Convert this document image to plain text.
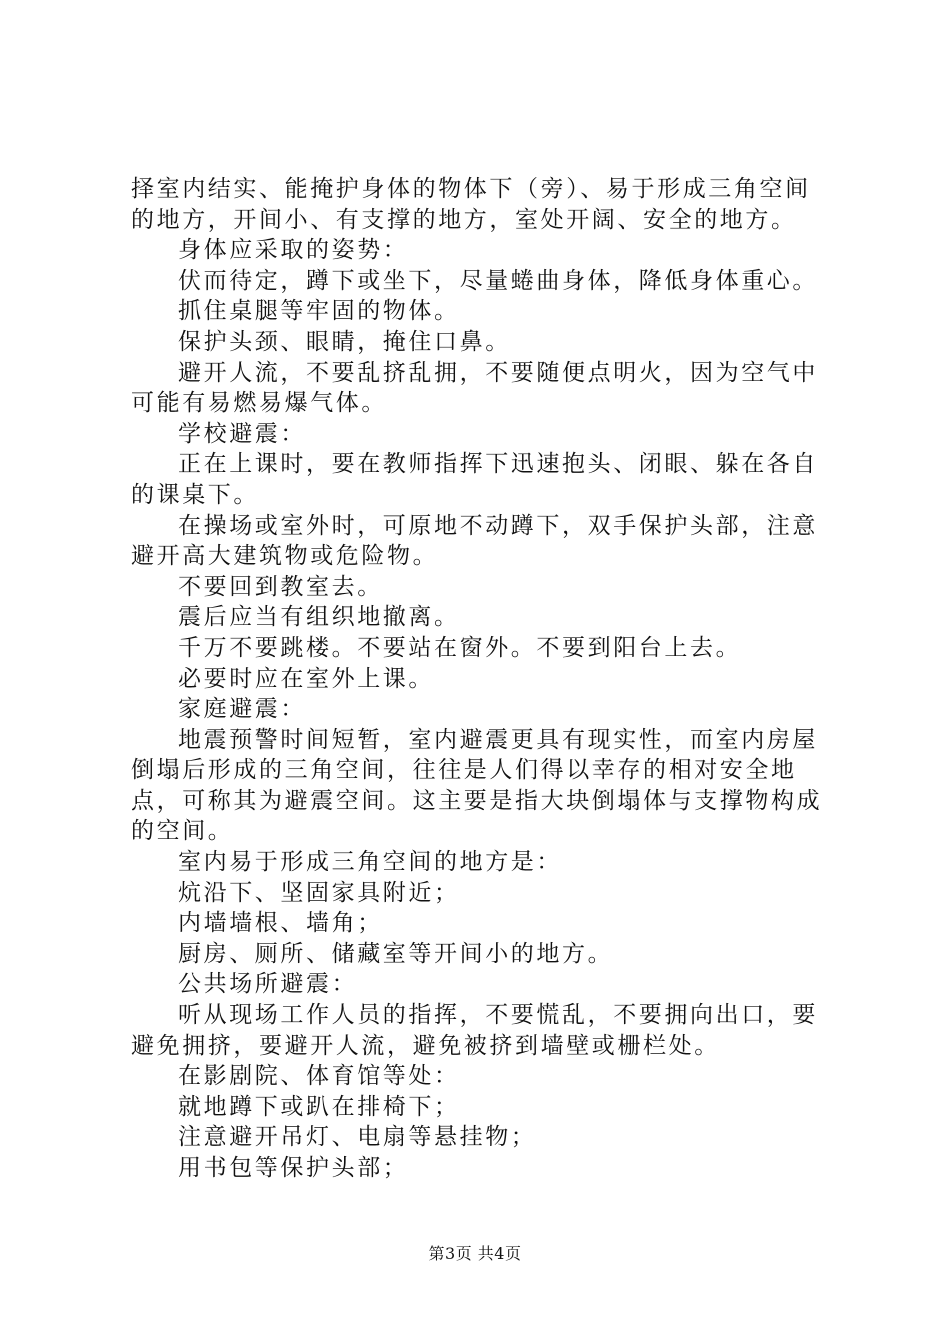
择室内结实、能掩护身体的物体下（旁）、易于形成三角空间的地方，开间小、有支撑的地方，室处开阔、安全的地方。

身体应采取的姿势：

伏而待定，蹲下或坐下，尽量蜷曲身体，降低身体重心。

抓住桌腿等牢固的物体。

保护头颈、眼睛，掩住口鼻。

避开人流，不要乱挤乱拥，不要随便点明火，因为空气中可能有易燃易爆气体。

学校避震：

正在上课时，要在教师指挥下迅速抱头、闭眼、躲在各自的课桌下。

在操场或室外时，可原地不动蹲下，双手保护头部，注意避开高大建筑物或危险物。

不要回到教室去。

震后应当有组织地撤离。

千万不要跳楼。不要站在窗外。不要到阳台上去。

必要时应在室外上课。

家庭避震：

地震预警时间短暂，室内避震更具有现实性，而室内房屋倒塌后形成的三角空间，往往是人们得以幸存的相对安全地点，可称其为避震空间。这主要是指大块倒塌体与支撑物构成的空间。

室内易于形成三角空间的地方是：

炕沿下、坚固家具附近；

内墙墙根、墙角；

厨房、厕所、储藏室等开间小的地方。

公共场所避震：

听从现场工作人员的指挥，不要慌乱，不要拥向出口，要避免拥挤，要避开人流，避免被挤到墙壁或栅栏处。

在影剧院、体育馆等处：

就地蹲下或趴在排椅下；

注意避开吊灯、电扇等悬挂物；

用书包等保护头部；

第3页 共4页
